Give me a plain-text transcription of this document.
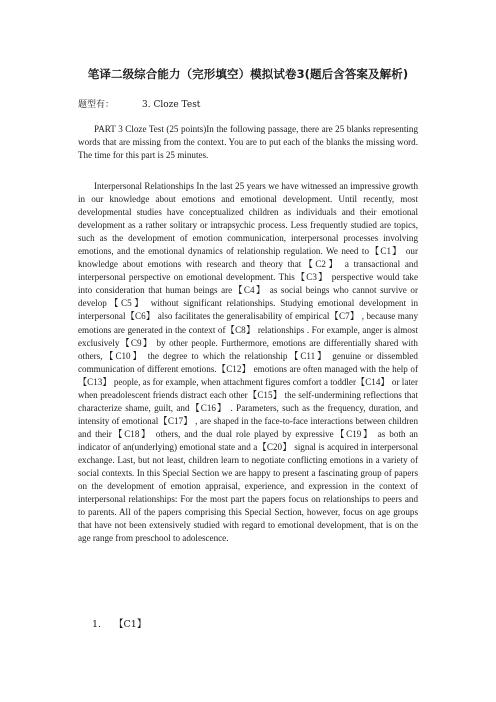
笔译二级综合能力（完形填空）模拟试卷3(题后含答案及解析)
题型有：	3. Cloze Test
PART 3 Cloze Test (25 points)In the following passage, there are 25 blanks representing words that are missing from the context. You are to put each of the blanks the missing word. The time for this part is 25 minutes.
Interpersonal Relationships In the last 25 years we have witnessed an impressive growth in our knowledge about emotions and emotional development. Until recently, most developmental studies have conceptualized children as individuals and their emotional development as a rather solitary or intrapsychic process. Less frequently studied are topics, such as the development of emotion communication, interpersonal processes involving emotions, and the emotional dynamics of relationship regulation. We need to【C1】 our knowledge about emotions with research and theory that【C2】 a transactional and interpersonal perspective on emotional development. This【C3】 perspective would take into consideration that human beings are【C4】 as social beings who cannot survive or develop【C5】 without significant relationships. Studying emotional development in interpersonal【C6】 also facilitates the generalisability of empirical【C7】 , because many emotions are generated in the context of【C8】 relationships . For example, anger is almost exclusively【C9】 by other people. Furthermore, emotions are differentially shared with others,【C10】 the degree to which the relationship【C11】 genuine or dissembled communication of different emotions.【C12】 emotions are often managed with the help of【C13】 people, as for example, when attachment figures comfort a toddler【C14】 or later when preadolescent friends distract each other【C15】 the self-undermining reflections that characterize shame, guilt, and【C16】 . Parameters, such as the frequency, duration, and intensity of emotional【C17】 , are shaped in the face-to-face interactions between children and their【C18】 others, and the dual role played by expressive【C19】 as both an indicator of an(underlying) emotional state and a【C20】 signal is acquired in interpersonal exchange. Last, but not least, children learn to negotiate conflicting emotions in a variety of social contexts. In this Special Section we are happy to present a fascinating group of papers on the development of emotion appraisal, experience, and expression in the context of interpersonal relationships: For the most part the papers focus on relationships to peers and to parents. All of the papers comprising this Special Section, however, focus on age groups that have not been extensively studied with regard to emotional development, that is on the age range from preschool to adolescence.
1. 【C1】
